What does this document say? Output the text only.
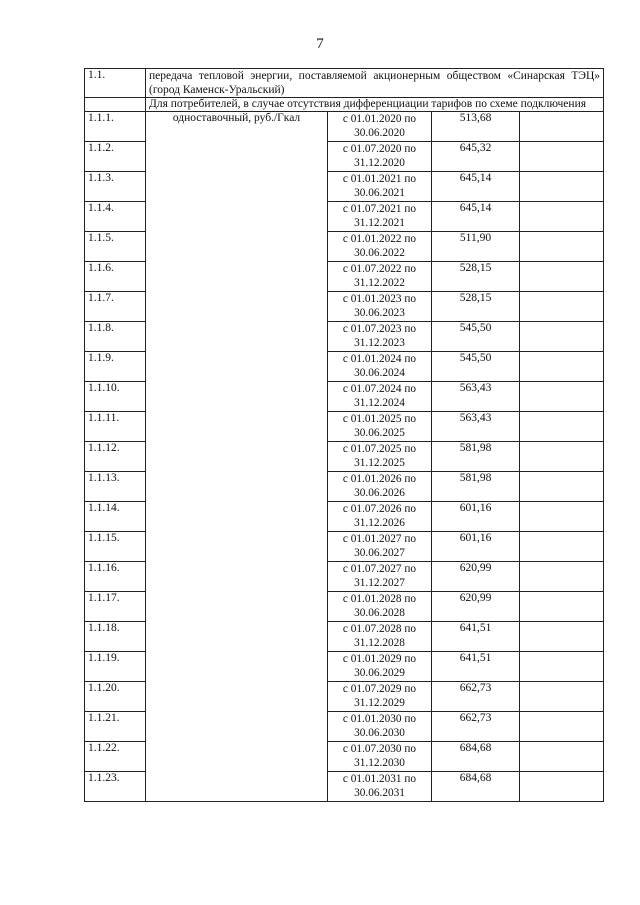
7
1.1.	передача тепловой энергии, поставляемой акционерным обществом «Синарская ТЭЦ» (город Каменск-Уральский)			
	Для потребителей, в случае отсутствия дифференциации тарифов по схеме подключения			
1.1.1.	одноставочный, руб./Гкал	с 01.01.2020 по
30.06.2020	513,68	
1.1.2.		с 01.07.2020 по
31.12.2020	645,32	
1.1.3.		с 01.01.2021 по
30.06.2021	645,14	
1.1.4.		с 01.07.2021 по
31.12.2021	645,14	
1.1.5.		с 01.01.2022 по
30.06.2022	511,90	
1.1.6.		с 01.07.2022 по
31.12.2022	528,15	
1.1.7.		с 01.01.2023 по
30.06.2023	528,15	
1.1.8.		с 01.07.2023 по
31.12.2023	545,50	
1.1.9.		с 01.01.2024 по
30.06.2024	545,50	
1.1.10.		с 01.07.2024 по
31.12.2024	563,43	
1.1.11.		с 01.01.2025 по
30.06.2025	563,43	
1.1.12.		с 01.07.2025 по
31.12.2025	581,98	
1.1.13.		с 01.01.2026 по
30.06.2026	581,98	
1.1.14.		с 01.07.2026 по
31.12.2026	601,16	
1.1.15.		с 01.01.2027 по
30.06.2027	601,16	
1.1.16.		с 01.07.2027 по
31.12.2027	620,99	
1.1.17.		с 01.01.2028 по
30.06.2028	620,99	
1.1.18.		с 01.07.2028 по
31.12.2028	641,51	
1.1.19.		с 01.01.2029 по
30.06.2029	641,51	
1.1.20.		с 01.07.2029 по
31.12.2029	662,73	
1.1.21.		с 01.01.2030 по
30.06.2030	662,73	
1.1.22.		с 01.07.2030 по
31.12.2030	684,68	
1.1.23.		с 01.01.2031 по
30.06.2031	684,68	
